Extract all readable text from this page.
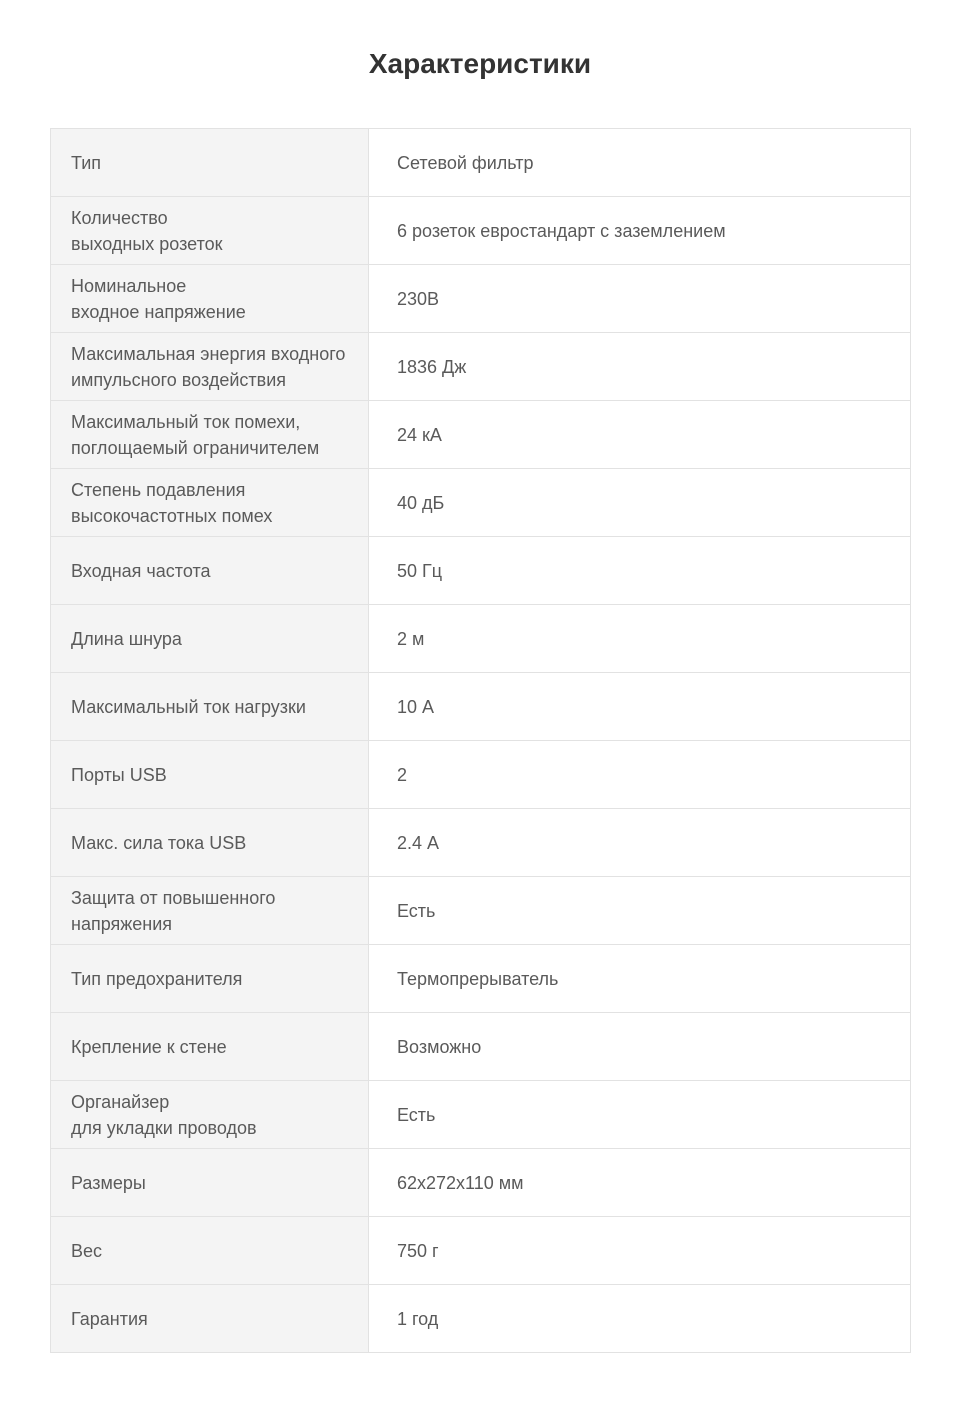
Характеристики
Тип	Сетевой фильтр
Количество
выходных розеток	6 розеток евростандарт с заземлением
Номинальное
входное напряжение	230В
Максимальная энергия входного
импульсного воздействия	1836 Дж
Максимальный ток помехи,
поглощаемый ограничителем	24 кА
Степень подавления
высокочастотных помех	40 дБ
Входная частота	50 Гц
Длина шнура	2 м
Максимальный ток нагрузки	10 А
Порты USB	2
Макс. сила тока USB	2.4 А
Защита от повышенного
напряжения	Есть
Тип предохранителя	Термопрерыватель
Крепление к стене	Возможно
Органайзер
для укладки проводов	Есть
Размеры	62x272x110 мм
Вес	750 г
Гарантия	1 год
